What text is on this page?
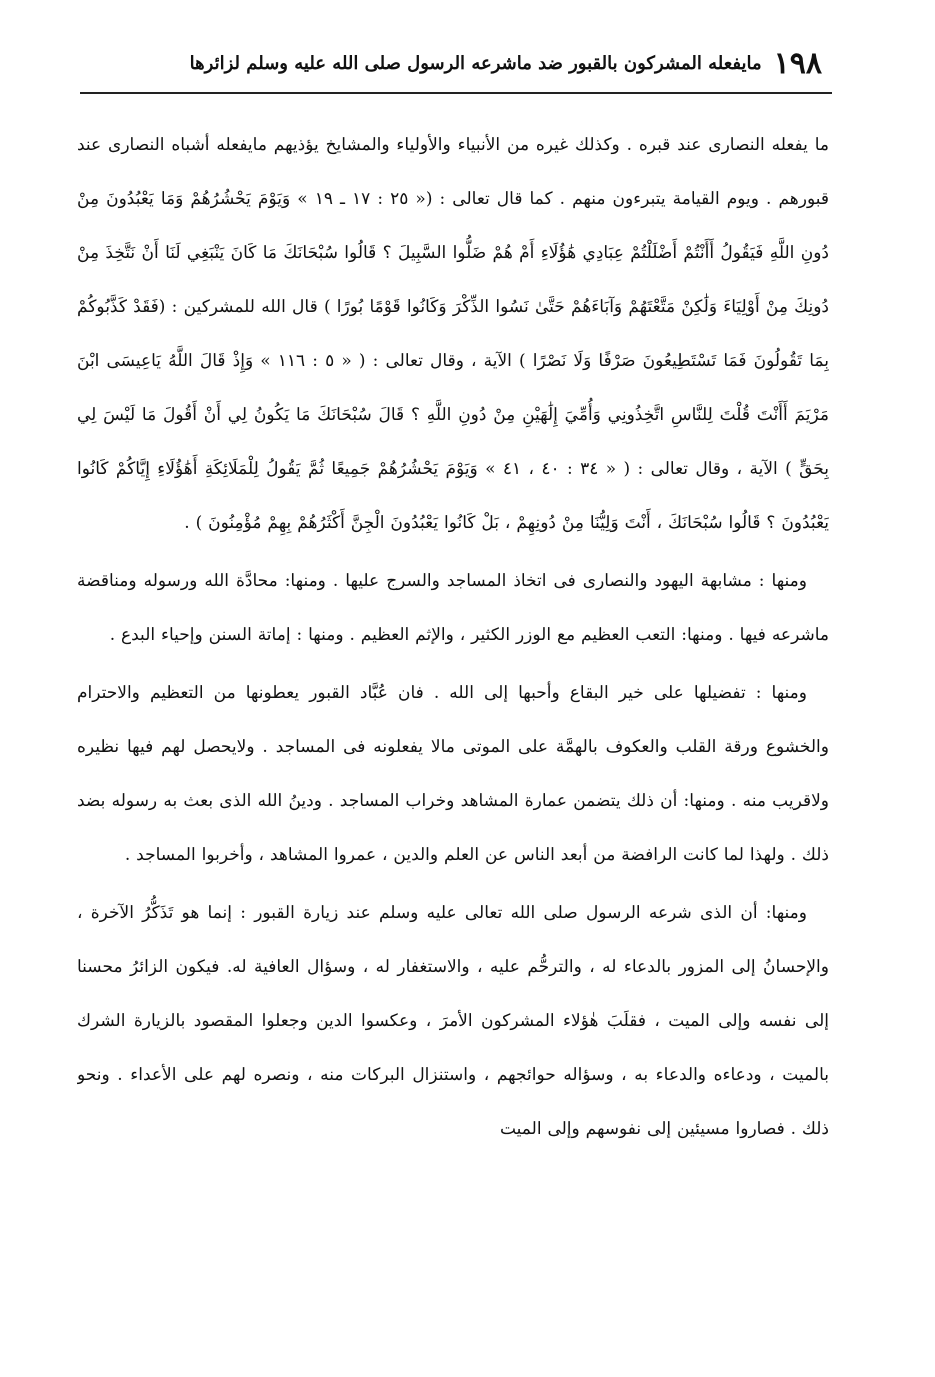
١٩٨
مايفعله المشركون بالقبور ضد ماشرعه الرسول صلى الله عليه وسلم لزائرها

ما يفعله النصارى عند قبره . وكذلك غيره من الأنبياء والأولياء والمشايخ يؤذيهم مايفعله أشباه النصارى عند قبورهم . ويوم القيامة يتبرءون منهم . كما قال تعالى : (« ٢٥ : ١٧ ـ ١٩ » وَيَوْمَ يَحْشُرُهُمْ وَمَا يَعْبُدُونَ مِنْ دُونِ اللَّهِ فَيَقُولُ أَأَنْتُمْ أَضْلَلْتُمْ عِبَادِي هَٰؤُلَاءِ أَمْ هُمْ ضَلُّوا السَّبِيلَ ؟ قَالُوا سُبْحَانَكَ مَا كَانَ يَنْبَغِي لَنَا أَنْ نَتَّخِذَ مِنْ دُونِكَ مِنْ أَوْلِيَاءَ وَلَٰكِنْ مَتَّعْتَهُمْ وَآبَاءَهُمْ حَتَّىٰ نَسُوا الذِّكْرَ وَكَانُوا قَوْمًا بُورًا ) قال الله للمشركين : (فَقَدْ كَذَّبُوكُمْ بِمَا تَقُولُونَ فَمَا تَسْتَطِيعُونَ صَرْفًا وَلَا نَصْرًا ) الآية ، وقال تعالى : ( « ٥ : ١١٦ » وَإِذْ قَالَ اللَّهُ يَاعِيسَى ابْنَ مَرْيَمَ أَأَنْتَ قُلْتَ لِلنَّاسِ اتَّخِذُونِي وَأُمِّيَ إِلَٰهَيْنِ مِنْ دُونِ اللَّهِ ؟ قَالَ سُبْحَانَكَ مَا يَكُونُ لِي أَنْ أَقُولَ مَا لَيْسَ لِي بِحَقٍّ ) الآية ، وقال تعالى : ( « ٣٤ : ٤٠ ، ٤١ » وَيَوْمَ يَحْشُرُهُمْ جَمِيعًا ثُمَّ يَقُولُ لِلْمَلَائِكَةِ أَهَٰؤُلَاءِ إِيَّاكُمْ كَانُوا يَعْبُدُونَ ؟ قَالُوا سُبْحَانَكَ ، أَنْتَ وَلِيُّنَا مِنْ دُونِهِمْ ، بَلْ كَانُوا يَعْبُدُونَ الْجِنَّ أَكْثَرُهُمْ بِهِمْ مُؤْمِنُونَ ) .

ومنها : مشابهة اليهود والنصارى فى اتخاذ المساجد والسرج عليها . ومنها: محادَّة الله ورسوله ومناقضة ماشرعه فيها . ومنها: التعب العظيم مع الوزر الكثير ، والإثم العظيم . ومنها : إماتة السنن وإحياء البدع .

ومنها : تفضيلها على خير البقاع وأحبها إلى الله . فان عُبَّاد القبور يعطونها من التعظيم والاحترام والخشوع ورقة القلب والعكوف بالهمَّة على الموتى مالا يفعلونه فى المساجد . ولايحصل لهم فيها نظيره ولاقريب منه . ومنها: أن ذلك يتضمن عمارة المشاهد وخراب المساجد . ودينُ الله الذى بعث به رسوله بضد ذلك . ولهذا لما كانت الرافضة من أبعد الناس عن العلم والدين ، عمروا المشاهد ، وأخربوا المساجد .

ومنها: أن الذى شرعه الرسول صلى الله تعالى عليه وسلم عند زيارة القبور : إنما هو تَذَكُّرُ الآخرة ، والإحسانُ إلى المزور بالدعاء له ، والترحُّم عليه ، والاستغفار له ، وسؤال العافية له. فيكون الزائرُ محسنا إلى نفسه وإلى الميت ، فقلَبَ هٰؤلاء المشركون الأمرَ ، وعكسوا الدين وجعلوا المقصود بالزيارة الشرك بالميت ، ودعاءه والدعاء به ، وسؤاله حوائجهم ، واستنزال البركات منه ، ونصره لهم على الأعداء . ونحو ذلك . فصاروا مسيئين إلى نفوسهم وإلى الميت
